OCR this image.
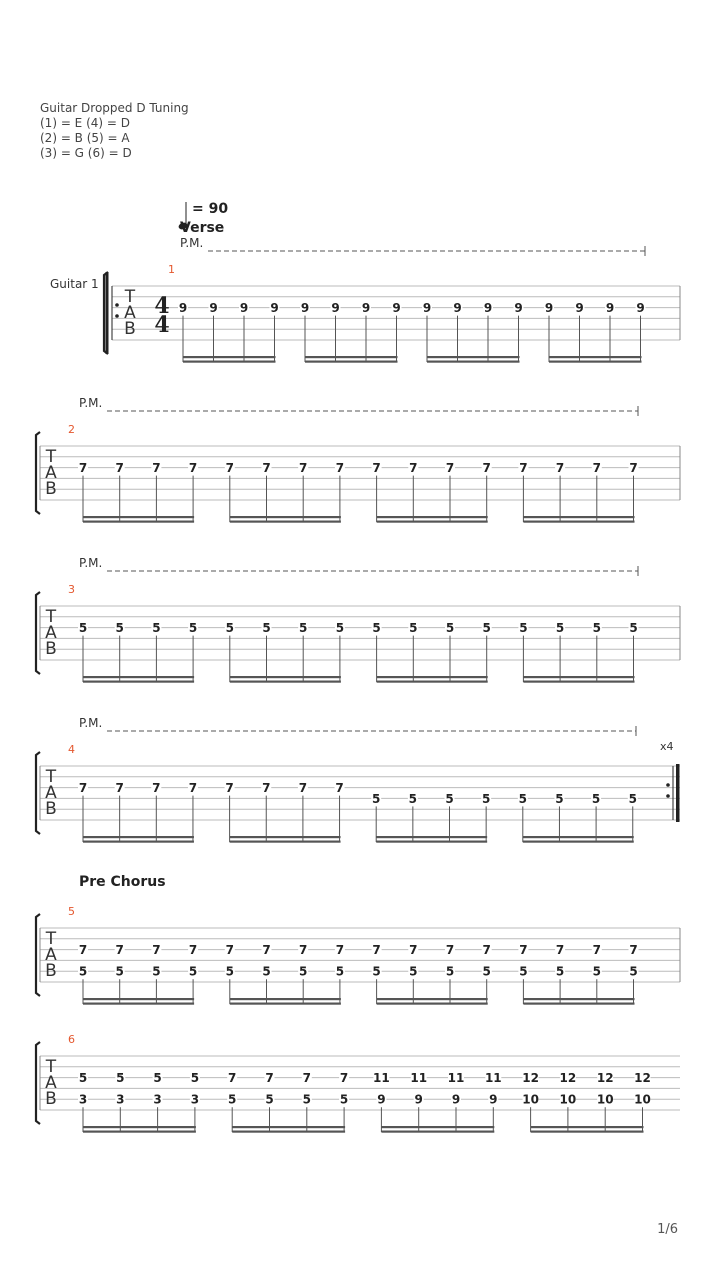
Guitar Dropped D Tuning
(1) = E (4) = D
(2) = B (5) = A
(3) = G (6) = D
= 90
Verse
Pre Chorus
Guitar 1
P.M.
P.M.
P.M.
P.M.
1
2
3
4
5
6
x4
T
A
B
4
4
9 9 9 9 9 9 9 9 9 9 9 9 9 9 9 9
T
A
B
7 7 7 7 7 7 7 7 7 7 7 7 7 7 7 7
T
A
B
5 5 5 5 5 5 5 5 5 5 5 5 5 5 5 5
T
A
B
7 7 7 7 7 7 7 7
5 5 5 5 5 5 5 5
T
A
B
7
5
7
5
7
5
7
5
7
5
7
5
7
5
7
5
7
5
7
5
7
5
7
5
7
5
7
5
7
5
7
5
T
A
B
5
3
5
3
5
3
5
3
7
5
7
5
7
5
7
5
11
9
11
9
11
9
11
9
12
10
12
10
12
10
12
10
1/6
